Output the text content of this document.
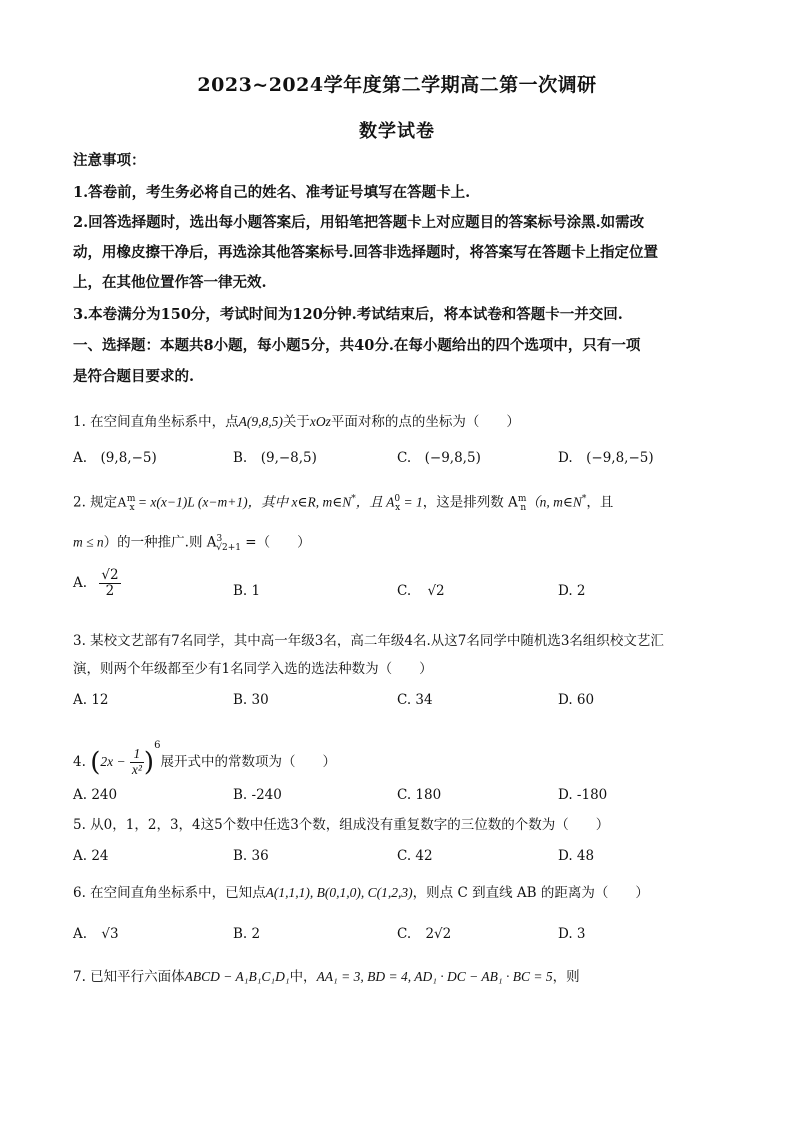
2023~2024学年度第二学期高二第一次调研
数学试卷
注意事项：
1.答卷前，考生务必将自己的姓名、准考证号填写在答题卡上.
2.回答选择题时，选出每小题答案后，用铅笔把答题卡上对应题目的答案标号涂黑.如需改
动，用橡皮擦干净后，再选涂其他答案标号.回答非选择题时，将答案写在答题卡上指定位置
上，在其他位置作答一律无效.
3.本卷满分为150分，考试时间为120分钟.考试结束后，将本试卷和答题卡一并交回.
一、选择题：本题共8小题，每小题5分，共40分.在每小题给出的四个选项中，只有一项
是符合题目要求的.
1. 在空间直角坐标系中，点A(9,8,5)关于xOz平面对称的点的坐标为（　　）
A.　(9,8,−5)	B.　(9,−8,5)	C.　(−9,8,5)	D.　(−9,8,−5)
2. 规定$A^m_x = x(x-1)L$ (x−m+1)，其中 x∈R, m∈N*，且 $A^0_x = 1$，这是排列数 $A^m_n(n$, m∈N*，且
m ≤ n）的一种推广.则 $A^3_{√2+1}$ =（　　）
A. $\frac{√2}{2}$	B. 1	C. √2	D. 2
3. 某校文艺部有7名同学，其中高一年级3名，高二年级4名.从这7名同学中随机选3名组织校文艺汇
演，则两个年级都至少有1名同学入选的选法种数为（　　）
A. 12	B. 30	C. 34	D. 60
4. $(2x - \frac{1}{\text{x²}} )^6$展开式中的常数项为（　　）
A. 240	B. -240	C. 180	D. -180
5. 从0，1，2，3，4这5个数中任选3个数，组成没有重复数字的三位数的个数为（　　）
A. 24	B. 36	C. 42	D. 48
6. 在空间直角坐标系中，已知点A(1,1,1), B(0,1,0), C(1,2,3)，则点 C 到直线 AB 的距离为（　　）
A. √3	B. 2	C. 2√2	D. 3
7. 已知平行六面体ABCD − A₁B₁C₁D₁中，AA₁ = 3, BD = 4, AD₁ · DC − AB₁ · BC = 5，则
